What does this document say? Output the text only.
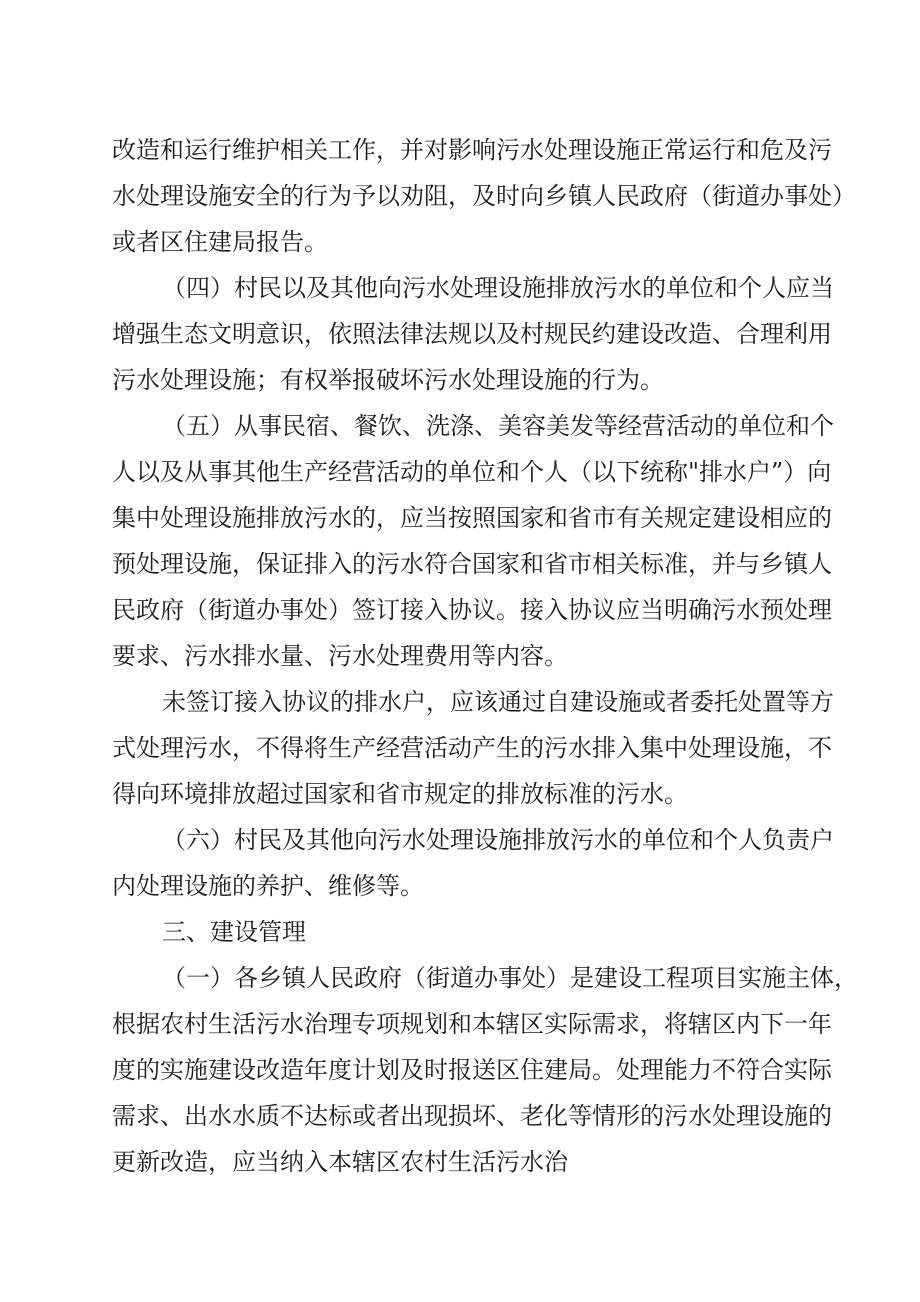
改造和运行维护相关工作，并对影响污水处理设施正常运行和危及污
水处理设施安全的行为予以劝阻，及时向乡镇人民政府（街道办事处）
或者区住建局报告。
（四）村民以及其他向污水处理设施排放污水的单位和个人应当
增强生态文明意识，依照法律法规以及村规民约建设改造、合理利用
污水处理设施；有权举报破坏污水处理设施的行为。
（五）从事民宿、餐饮、洗涤、美容美发等经营活动的单位和个
人以及从事其他生产经营活动的单位和个人（以下统称"排水户”）向
集中处理设施排放污水的，应当按照国家和省市有关规定建设相应的
预处理设施，保证排入的污水符合国家和省市相关标准，并与乡镇人
民政府（街道办事处）签订接入协议。接入协议应当明确污水预处理
要求、污水排水量、污水处理费用等内容。
未签订接入协议的排水户，应该通过自建设施或者委托处置等方
式处理污水，不得将生产经营活动产生的污水排入集中处理设施，不
得向环境排放超过国家和省市规定的排放标准的污水。
（六）村民及其他向污水处理设施排放污水的单位和个人负责户
内处理设施的养护、维修等。
三、建设管理
（一）各乡镇人民政府（街道办事处）是建设工程项目实施主体，
根据农村生活污水治理专项规划和本辖区实际需求，将辖区内下一年
度的实施建设改造年度计划及时报送区住建局。处理能力不符合实际
需求、出水水质不达标或者出现损坏、老化等情形的污水处理设施的
更新改造，应当纳入本辖区农村生活污水治
